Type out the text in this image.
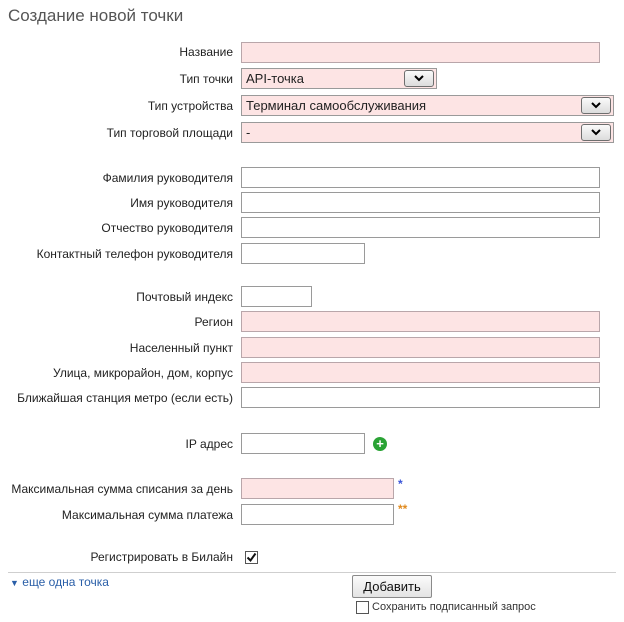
Создание новой точки
Название
Тип точки	API-точка
Тип устройства	Терминал самообслуживания
Тип торговой площади	-
Фамилия руководителя
Имя руководителя
Отчество руководителя
Контактный телефон руководителя
Почтовый индекс
Регион
Населенный пункт
Улица, микрорайон, дом, корпус
Ближайшая станция метро (если есть)
IP адрес	+
Максимальная сумма списания за день	*
Максимальная сумма платежа	**
Регистрировать в Билайн
▼ еще одна точка	Добавить
Сохранить подписанный запрос
